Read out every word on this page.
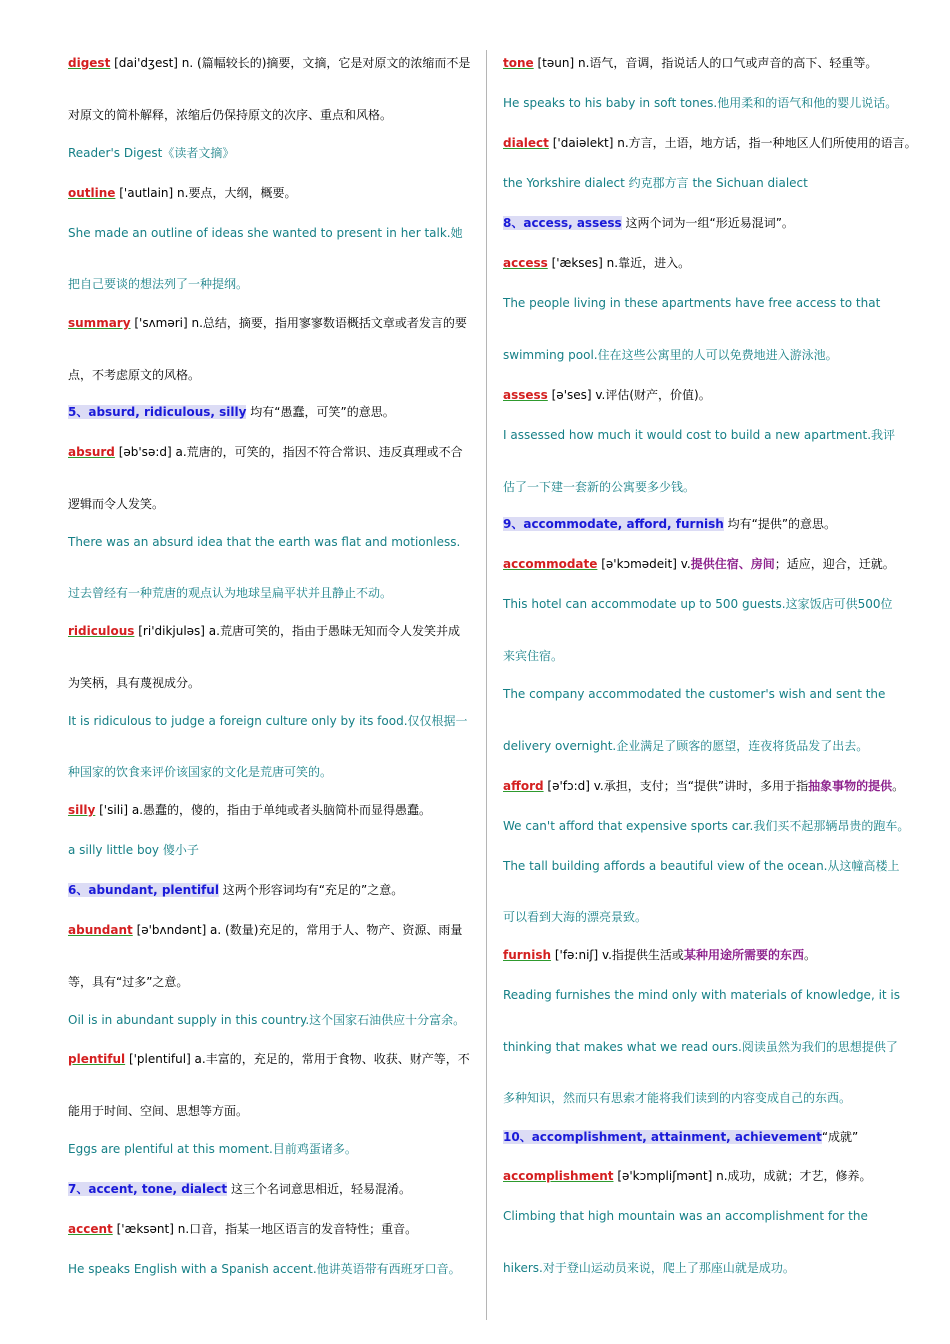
digest [dai'dʒest] n. (篇幅较长的)摘要，文摘，它是对原文的浓缩而不是
对原文的简朴解释，浓缩后仍保持原文的次序、重点和风格。
Reader's Digest《读者文摘》
outline ['autlain] n.要点，大纲，概要。
She made an outline of ideas she wanted to present in her talk.她
把自己要谈的想法列了一种提纲。
summary ['sʌməri] n.总结，摘要，指用寥寥数语概括文章或者发言的要
点，不考虑原文的风格。
5、absurd, ridiculous, silly 均有“愚蠢，可笑”的意思。
absurd [əb'sə:d] a.荒唐的，可笑的，指因不符合常识、违反真理或不合
逻辑而令人发笑。
There was an absurd idea that the earth was flat and motionless.
过去曾经有一种荒唐的观点认为地球呈扁平状并且静止不动。
ridiculous [ri'dikjuləs] a.荒唐可笑的，指由于愚昧无知而令人发笑并成
为笑柄，具有蔑视成分。
It is ridiculous to judge a foreign culture only by its food.仅仅根据一
种国家的饮食来评价该国家的文化是荒唐可笑的。
silly ['sili] a.愚蠢的，傻的，指由于单纯或者头脑简朴而显得愚蠢。
a silly little boy 傻小子
6、abundant, plentiful 这两个形容词均有“充足的”之意。
abundant [ə'bʌndənt] a. (数量)充足的，常用于人、物产、资源、雨量
等，具有“过多”之意。
Oil is in abundant supply in this country.这个国家石油供应十分富余。
plentiful ['plentiful] a.丰富的，充足的，常用于食物、收获、财产等，不
能用于时间、空间、思想等方面。
Eggs are plentiful at this moment.目前鸡蛋诸多。
7、accent, tone, dialect 这三个名词意思相近，轻易混淆。
accent ['æksənt] n.口音，指某一地区语言的发音特性；重音。
He speaks English with a Spanish accent.他讲英语带有西班牙口音。
tone [təun] n.语气，音调，指说话人的口气或声音的高下、轻重等。
He speaks to his baby in soft tones.他用柔和的语气和他的婴儿说话。
dialect ['daiəlekt] n.方言，土语，地方话，指一种地区人们所使用的语言。
the Yorkshire dialect 约克郡方言 the Sichuan dialect
8、access, assess 这两个词为一组“形近易混词”。
access ['ækses] n.靠近，进入。
The people living in these apartments have free access to that
swimming pool.住在这些公寓里的人可以免费地进入游泳池。
assess [ə'ses] v.评估(财产，价值)。
I assessed how much it would cost to build a new apartment.我评
估了一下建一套新的公寓要多少钱。
9、accommodate, afford, furnish 均有“提供”的意思。
accommodate [ə'kɔmədeit] v.提供住宿、房间；适应，迎合，迁就。
This hotel can accommodate up to 500 guests.这家饭店可供500位
来宾住宿。
The company accommodated the customer's wish and sent the
delivery overnight.企业满足了顾客的愿望，连夜将货品发了出去。
afford [ə'fɔ:d] v.承担，支付；当“提供”讲时，多用于指抽象事物的提供。
We can't afford that expensive sports car.我们买不起那辆昂贵的跑车。
The tall building affords a beautiful view of the ocean.从这幢高楼上
可以看到大海的漂亮景致。
furnish ['fə:niʃ] v.指提供生活或某种用途所需要的东西。
Reading furnishes the mind only with materials of knowledge, it is
thinking that makes what we read ours.阅读虽然为我们的思想提供了
多种知识，然而只有思索才能将我们读到的内容变成自己的东西。
10、accomplishment, attainment, achievement“成就”
accomplishment [ə'kɔmpliʃmənt] n.成功，成就；才艺，修养。
Climbing that high mountain was an accomplishment for the
hikers.对于登山运动员来说，爬上了那座山就是成功。
